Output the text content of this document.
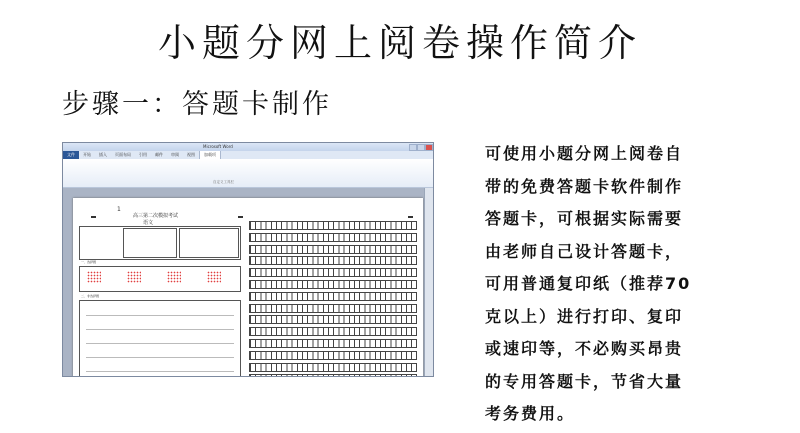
小题分网上阅卷操作简介
步骤一：答题卡制作
Microsoft Word
文件	开始	插入	页面布局	引用	邮件	审阅	视图	加载项
自定义工具栏
1
高三第二次模拟考试
语文
一、选择题
二、非选择题
可使用小题分网上阅卷自
带的免费答题卡软件制作
答题卡，可根据实际需要
由老师自己设计答题卡，
可用普通复印纸（推荐70
克以上）进行打印、复印
或速印等，不必购买昂贵
的专用答题卡，节省大量
考务费用。
